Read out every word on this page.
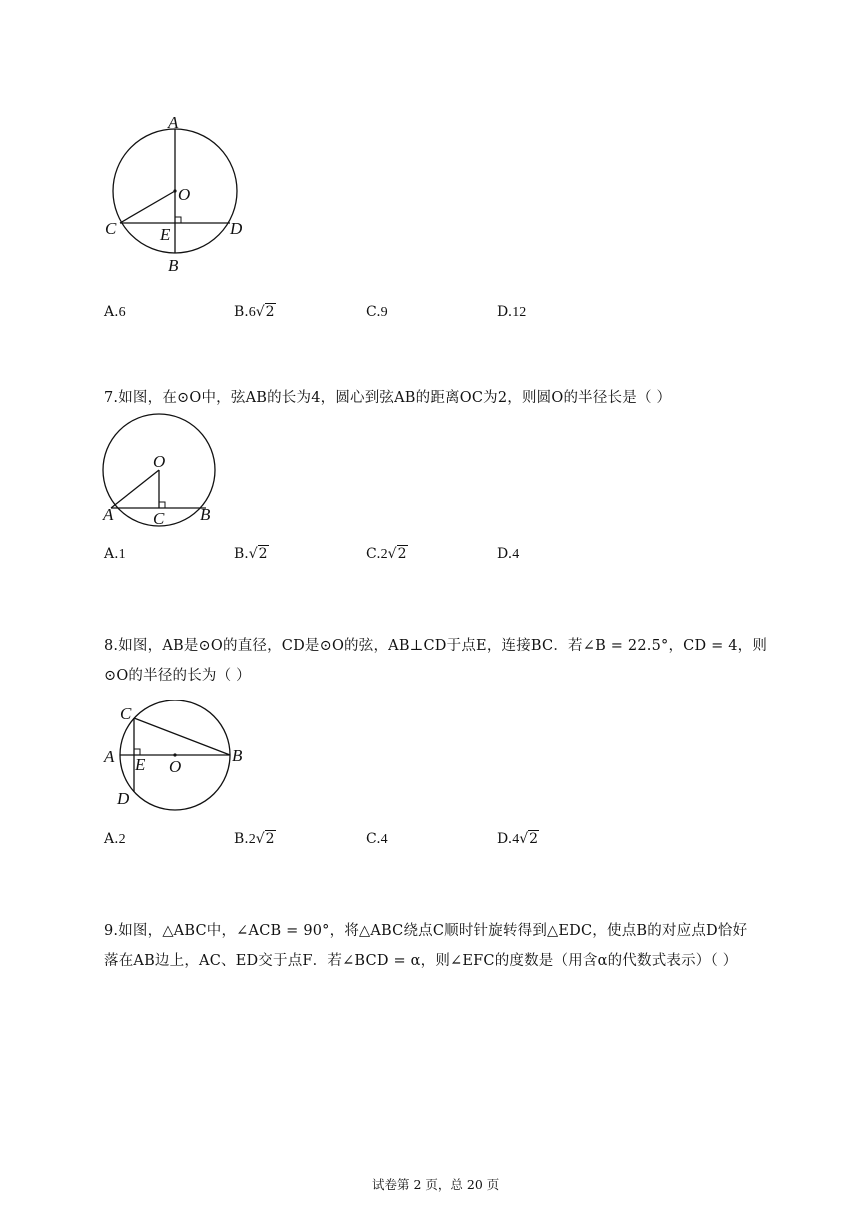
A
O
C	E	D
B
A.6	B.6√2	C.9	D.12
7.如图，在⊙O中，弦AB的长为4，圆心到弦AB的距离OC为2，则圆O的半径长是（ ）
O
A C B
A.1	B.√2	C.2√2	D.4
8.如图，AB是⊙O的直径，CD是⊙O的弦，AB⊥CD于点E，连接BC．若∠B = 22.5°，CD = 4，则
⊙O的半径的长为（ ）
C
A E O
B
D
A.2	B.2√2	C.4	D.4√2
9.如图，△ABC中，∠ACB = 90°，将△ABC绕点C顺时针旋转得到△EDC，使点B的对应点D恰好
落在AB边上，AC、ED交于点F．若∠BCD = α，则∠EFC的度数是（用含α的代数式表示）（ ）
试卷第 2 页，总 20 页
